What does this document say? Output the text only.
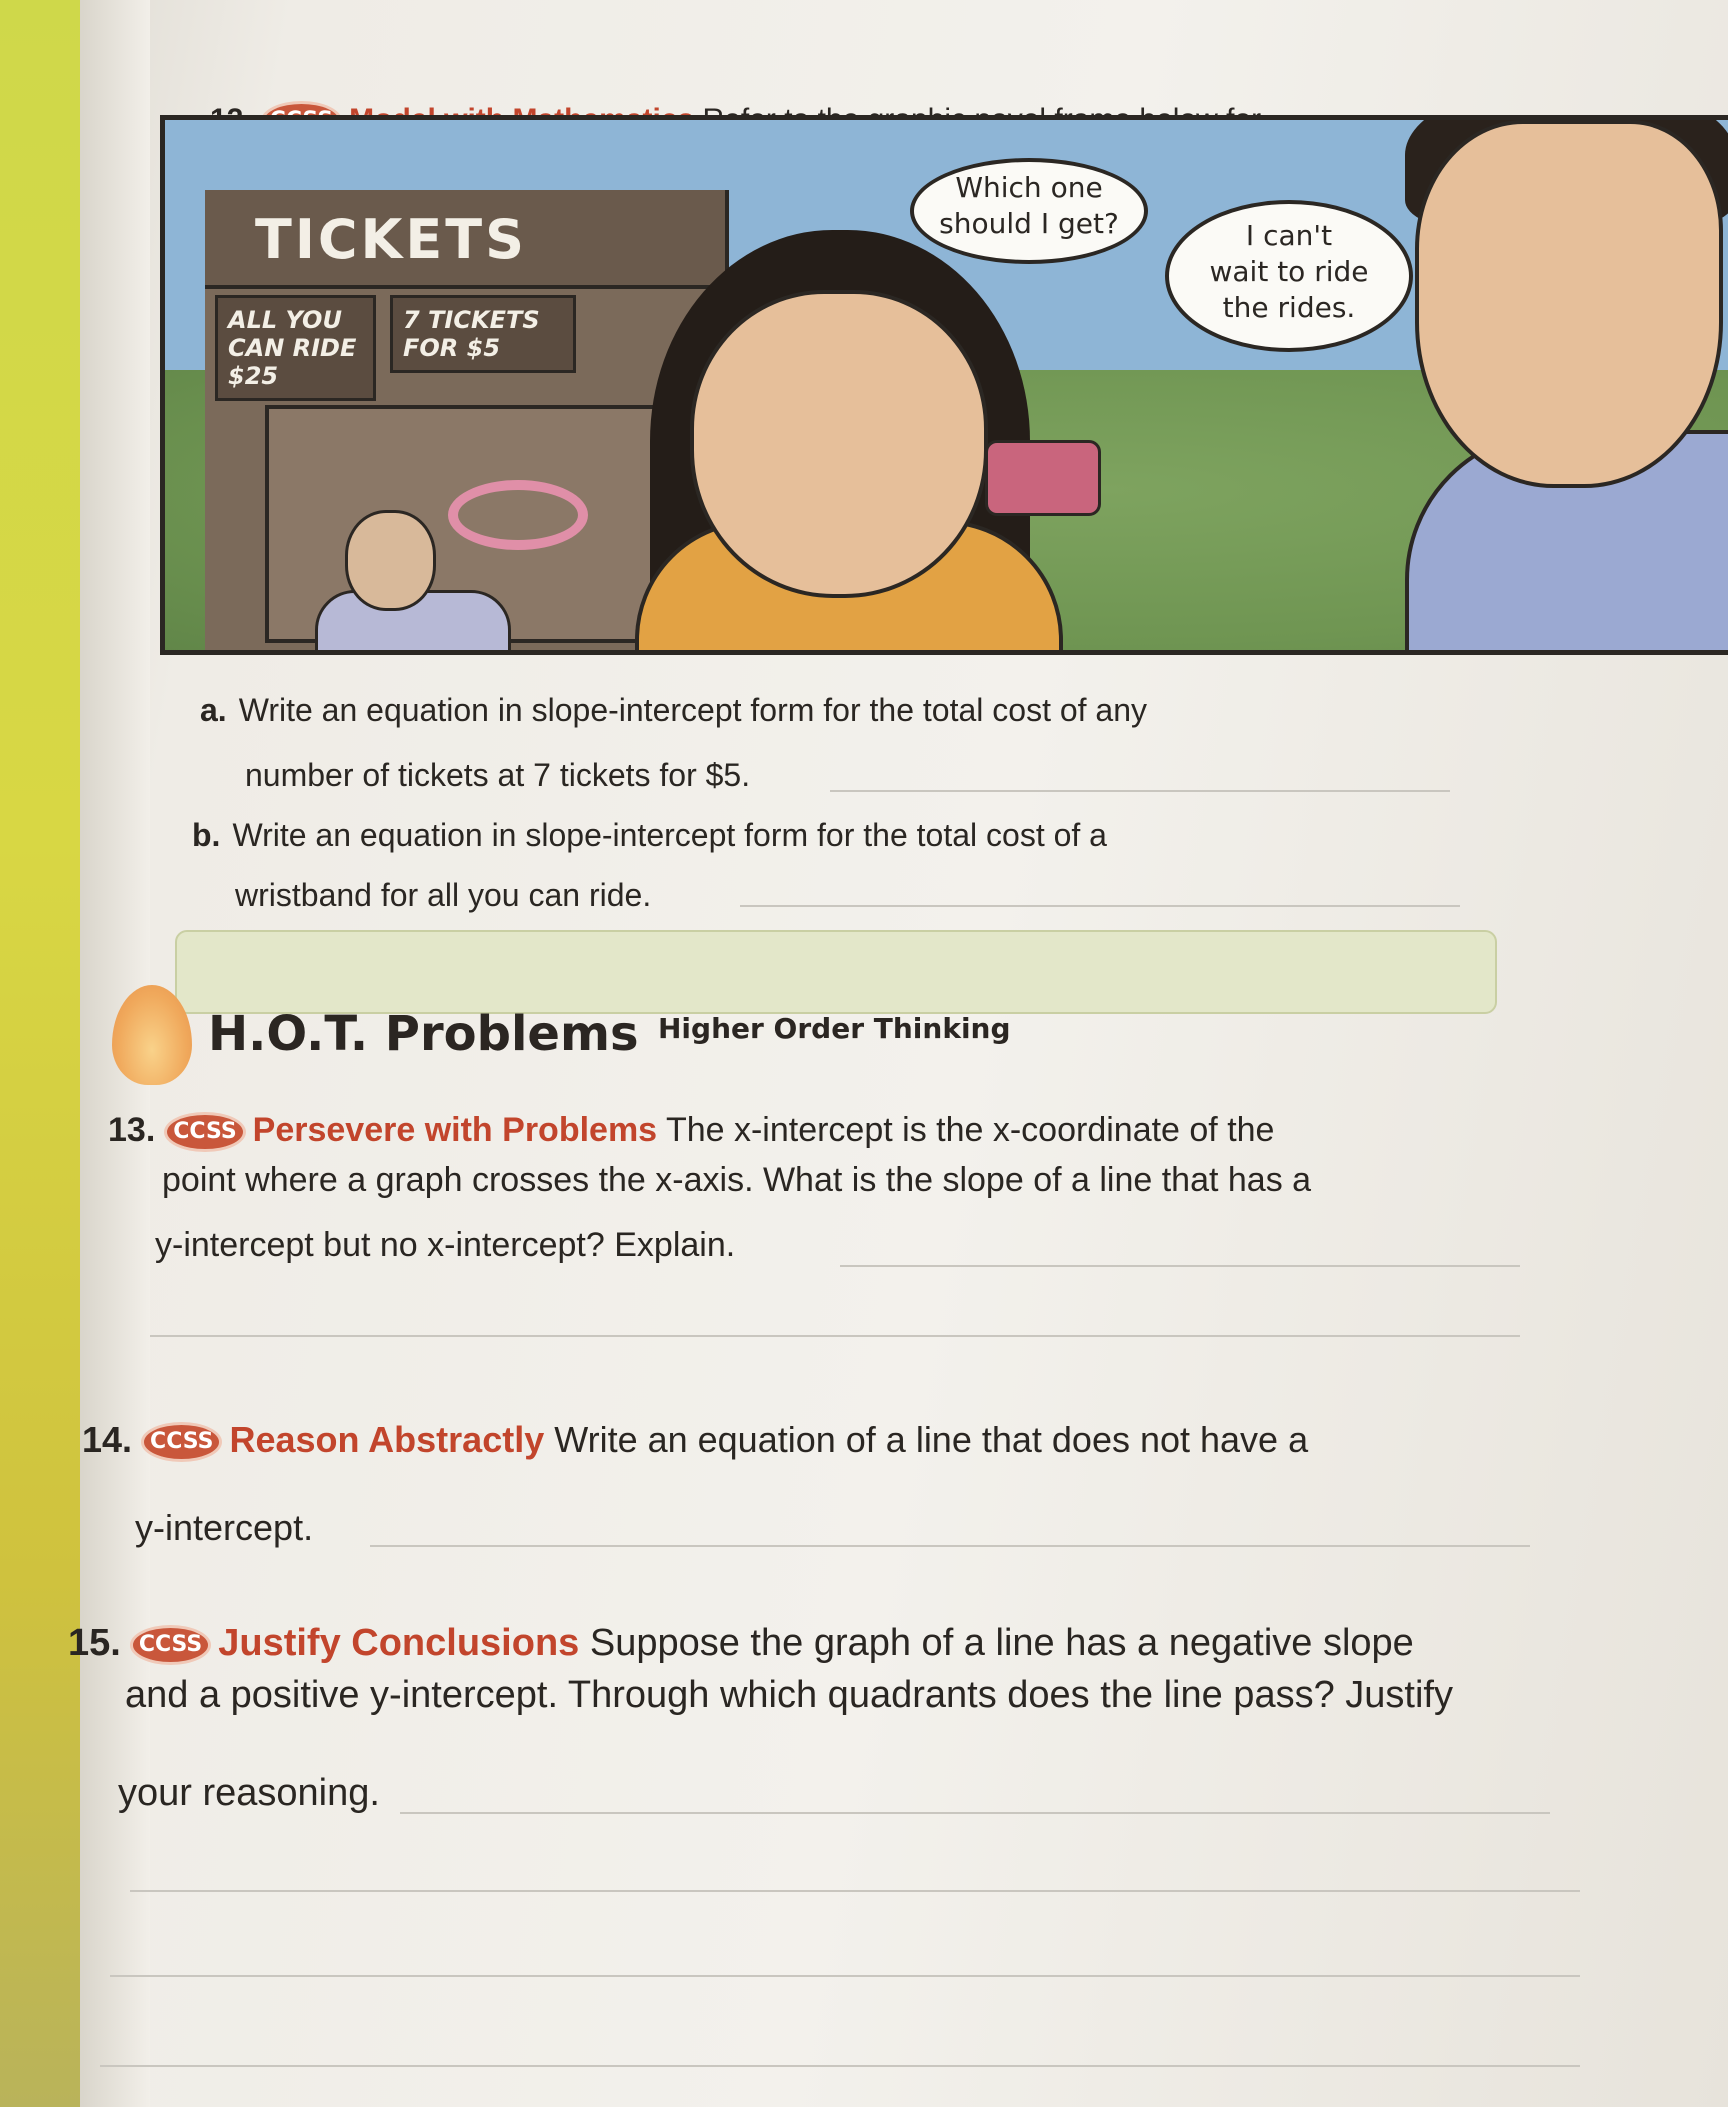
TICKETS
ALL YOU
CAN RIDE
$25
7 TICKETS
FOR $5
Which one
should I get?	I can't
wait to ride
the rides.
a. Write an equation in slope-intercept form for the total cost of any
number of tickets at 7 tickets for $5.
b. Write an equation in slope-intercept form for the total cost of a
wristband for all you can ride.
H.O.T. Problems Higher Order Thinking
13. CCSS Persevere with Problems The x-intercept is the x-coordinate of the
point where a graph crosses the x-axis. What is the slope of a line that has a
y-intercept but no x-intercept? Explain.
14. CCSS Reason Abstractly Write an equation of a line that does not have a
y-intercept.
15. CCSS Justify Conclusions Suppose the graph of a line has a negative slope
and a positive y-intercept. Through which quadrants does the line pass? Justify
your reasoning.
